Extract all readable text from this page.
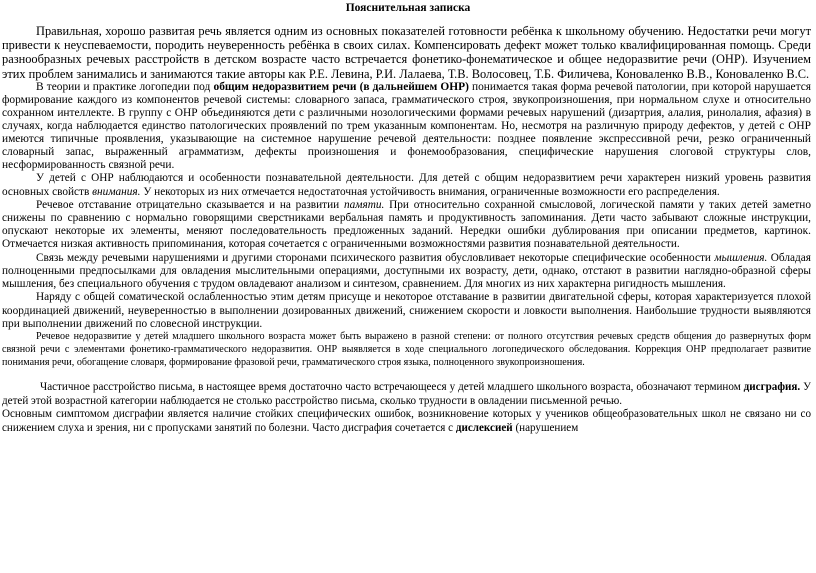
Пояснительная записка

Правильная, хорошо развитая речь является одним из основных показателей готовности ребёнка к школьному обучению. Недостатки речи могут привести к неуспеваемости, породить неуверенность ребёнка в своих силах. Компенсировать дефект может только квалифицированная помощь. Среди разнообразных речевых расстройств в детском возрасте часто встречается фонетико-фонематическое и общее недоразвитие речи (ОНР). Изучением этих проблем занимались и занимаются такие авторы как Р.Е. Левина, Р.И. Лалаева, Т.В. Волосовец, Т.Б. Филичева, Коноваленко В.В., Коноваленко В.С.

В теории и практике логопедии под общим недоразвитием речи (в дальнейшем ОНР) понимается такая форма речевой патологии, при которой нарушается формирование каждого из компонентов речевой системы: словарного запаса, грамматического строя, звукопроизношения, при нормальном слухе и относительно сохранном интеллекте. В группу с ОНР объединяются дети с различными нозологическими формами речевых нарушений (дизартрия, алалия, ринолалия, афазия) в случаях, когда наблюдается единство патологических проявлений по трем указанным компонентам. Но, несмотря на различную природу дефектов, у детей с ОНР имеются типичные проявления, указывающие на системное нарушение речевой деятельности: позднее появление экспрессивной речи, резко ограниченный словарный запас, выраженный аграмматизм, дефекты произношения и фонемообразования, специфические нарушения слоговой структуры слов, несформированность связной речи.

У детей с ОНР наблюдаются и особенности познавательной деятельности. Для детей с общим недоразвитием речи характерен низкий уровень развития основных свойств внимания. У некоторых из них отмечается недостаточная устойчивость внимания, ограниченные возможности его распределения.

Речевое отставание отрицательно сказывается и на развитии памяти. При относительно сохранной смысловой, логической памяти у таких детей заметно снижены по сравнению с нормально говорящими сверстниками вербальная память и продуктивность запоминания. Дети часто забывают сложные инструкции, опускают некоторые их элементы, меняют последовательность предложенных заданий. Нередки ошибки дублирования при описании предметов, картинок. Отмечается низкая активность припоминания, которая сочетается с ограниченными возможностями развития познавательной деятельности.

Связь между речевыми нарушениями и другими сторонами психического развития обусловливает некоторые специфические особенности мышления. Обладая полноценными предпосылками для овладения мыслительными операциями, доступными их возрасту, дети, однако, отстают в развитии наглядно-образной сферы мышления, без специального обучения с трудом овладевают анализом и синтезом, сравнением. Для многих из них характерна ригидность мышления.

Наряду с общей соматической ослабленностью этим детям присуще и некоторое отставание в развитии двигательной сферы, которая характеризуется плохой координацией движений, неуверенностью в выполнении дозированных движений, снижением скорости и ловкости выполнения. Наибольшие трудности выявляются при выполнении движений по словесной инструкции.

Речевое недоразвитие у детей младшего школьного возраста может быть выражено в разной степени: от полного отсутствия речевых средств общения до развернутых форм связной речи с элементами фонетико-грамматического недоразвития. ОНР выявляется в ходе специального логопедического обследования. Коррекция ОНР предполагает развитие понимания речи, обогащение словаря, формирование фразовой речи, грамматического строя языка, полноценного звукопроизношения.

Частичное расстройство письма, в настоящее время достаточно часто встречающееся у детей младшего школьного возраста, обозначают термином дисграфия. У детей этой возрастной категории наблюдается не столько расстройство письма, сколько трудности в овладении письменной речью.

Основным симптомом дисграфии является наличие стойких специфических ошибок, возникновение которых у учеников общеобразовательных школ не связано ни со снижением слуха и зрения, ни с пропусками занятий по болезни. Часто дисграфия сочетается с дислексией (нарушением
